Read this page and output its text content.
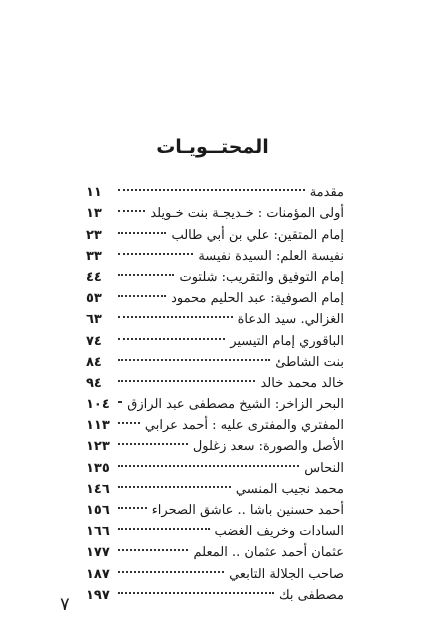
المحتــويـات
مقدمة
١١
أولى المؤمنات : خـديجـة بنت خـويلد
١٣
إمام المتقين: علي بن أبي طالب
٢٣
نفيسة العلم: السيدة نفيسة
٣٣
إمام التوفيق والتقريب: شلتوت
٤٤
إمام الصوفية: عبد الحليم محمود
٥٣
الغزالي. سيد الدعاة
٦٣
الباقوري إمام التيسير
٧٤
بنت الشاطئ
٨٤
خالد محمد خالد
٩٤
البحر الزاخر: الشيخ مصطفى عبد الرازق
١٠٤
المفتري والمفترى عليه : أحمد عرابي
١١٣
الأصل والصورة: سعد زغلول
١٢٣
النحاس
١٣٥
محمد نجيب المنسي
١٤٦
أحمد حسنين باشا .. عاشق الصحراء
١٥٦
السادات وخريف الغضب
١٦٦
عثمان أحمد عثمان .. المعلم
١٧٧
صاحب الجلالة التابعي
١٨٧
مصطفى بك
١٩٧
٧
